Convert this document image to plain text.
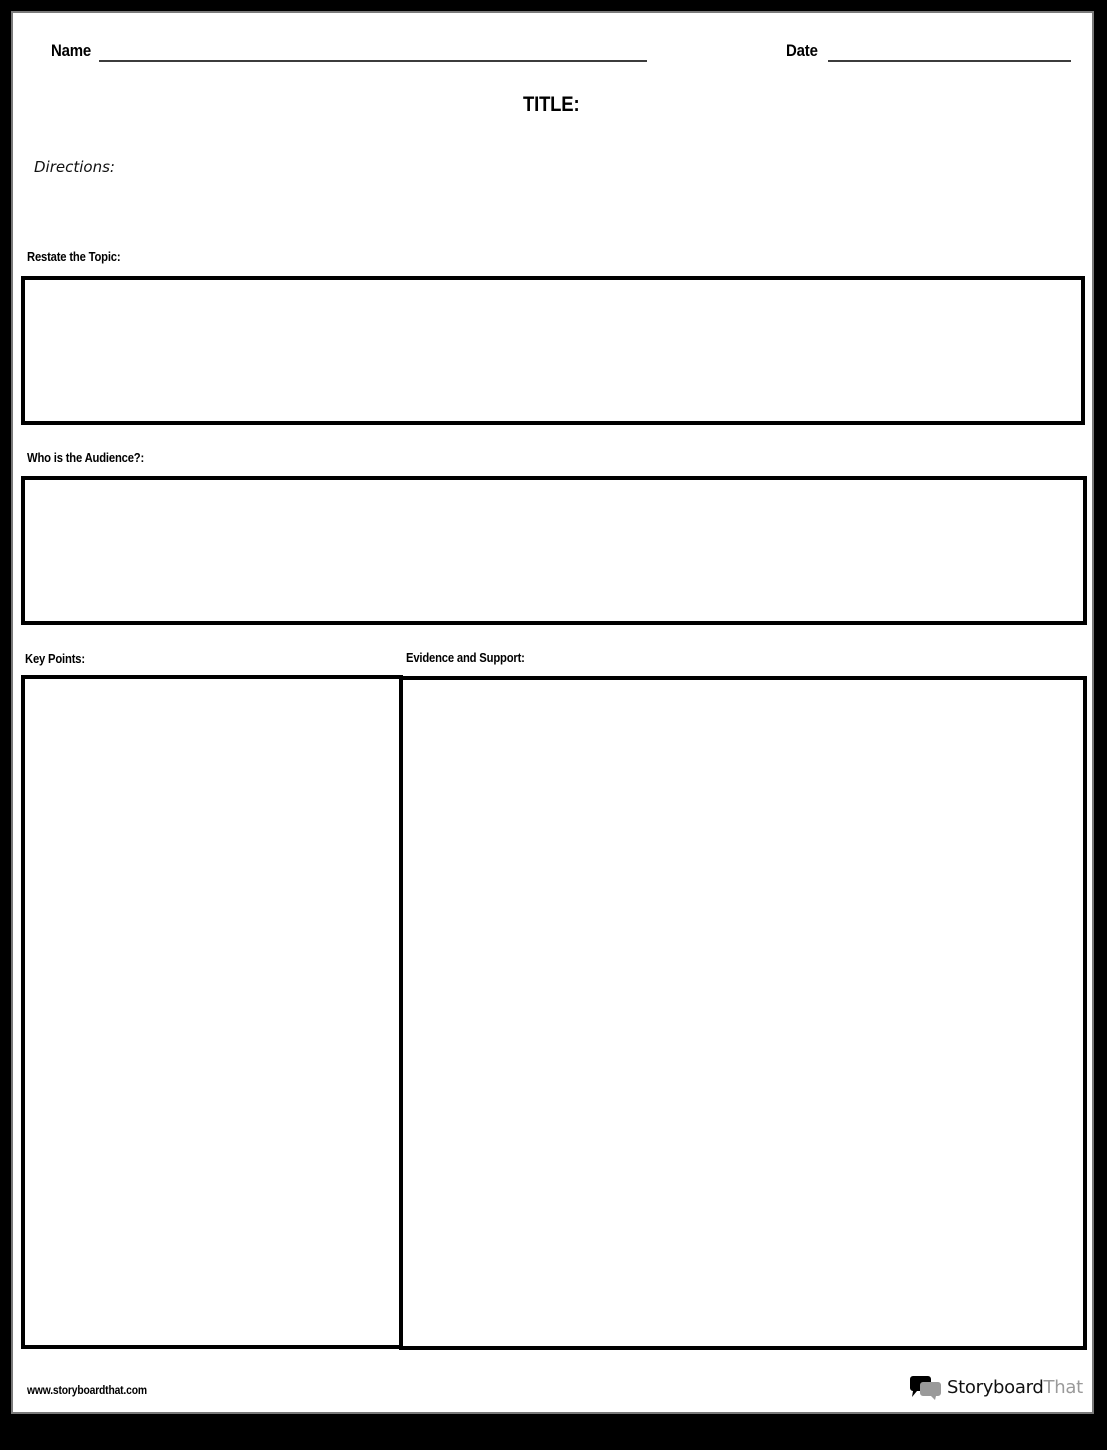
Name	Date
TITLE:
Directions:
Restate the Topic:
Who is the Audience?:
Key Points:	Evidence and Support:
www.storyboardthat.com	Storyboard That
